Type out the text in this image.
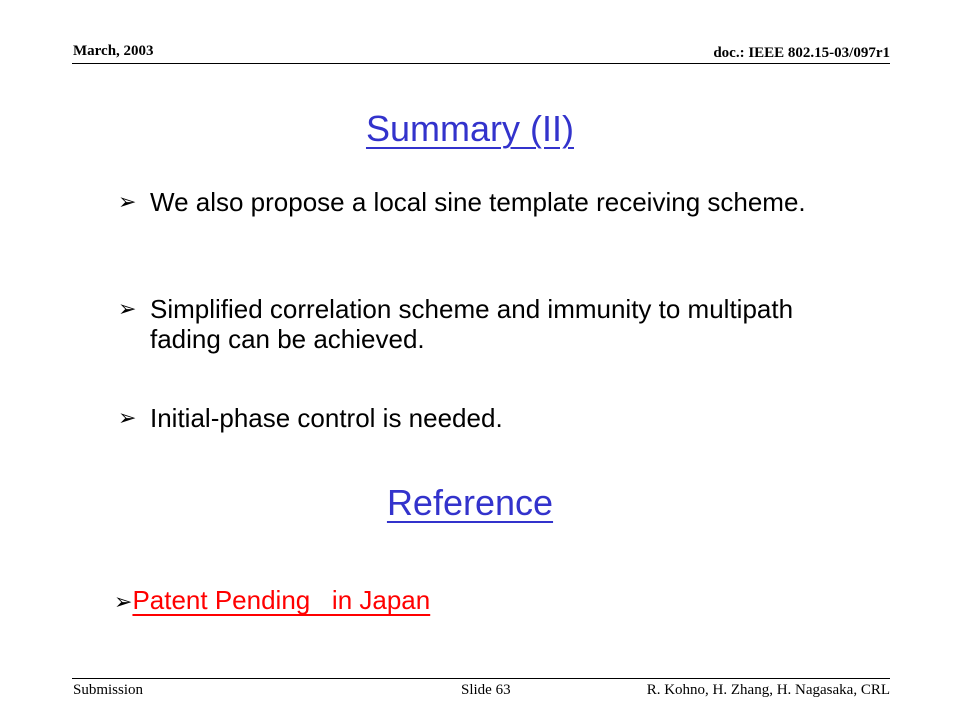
March, 2003	doc.: IEEE 802.15-03/097r1
Summary (II)
➢ We also propose a local sine template receiving scheme.
➢ Simplified correlation scheme and immunity to multipath fading can be achieved.
➢ Initial-phase control is needed.
Reference
➢Patent Pending   in Japan
Submission	Slide 63	R. Kohno, H. Zhang, H. Nagasaka, CRL
